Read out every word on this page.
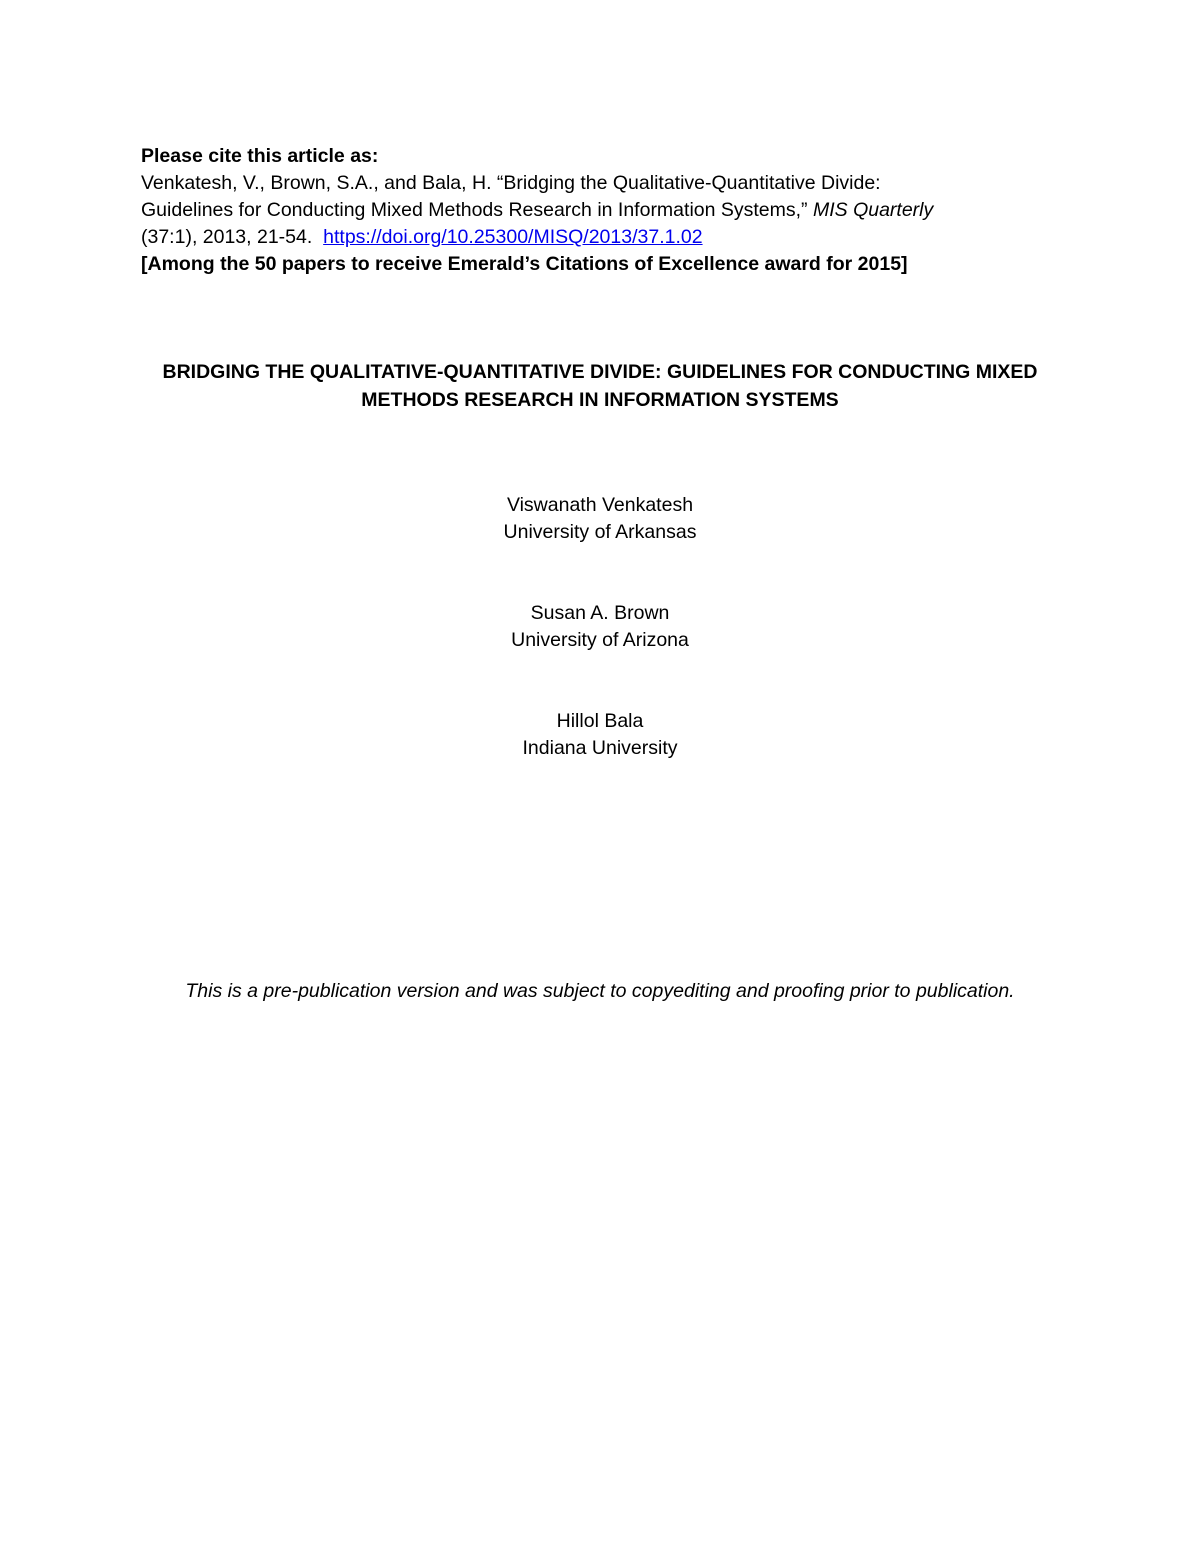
Please cite this article as:
Venkatesh, V., Brown, S.A., and Bala, H. “Bridging the Qualitative-Quantitative Divide:
Guidelines for Conducting Mixed Methods Research in Information Systems,” MIS Quarterly
(37:1), 2013, 21-54. https://doi.org/10.25300/MISQ/2013/37.1.02
[Among the 50 papers to receive Emerald’s Citations of Excellence award for 2015]
BRIDGING THE QUALITATIVE-QUANTITATIVE DIVIDE: GUIDELINES FOR CONDUCTING MIXED
METHODS RESEARCH IN INFORMATION SYSTEMS
Viswanath Venkatesh
University of Arkansas
Susan A. Brown
University of Arizona
Hillol Bala
Indiana University
This is a pre-publication version and was subject to copyediting and proofing prior to publication.
